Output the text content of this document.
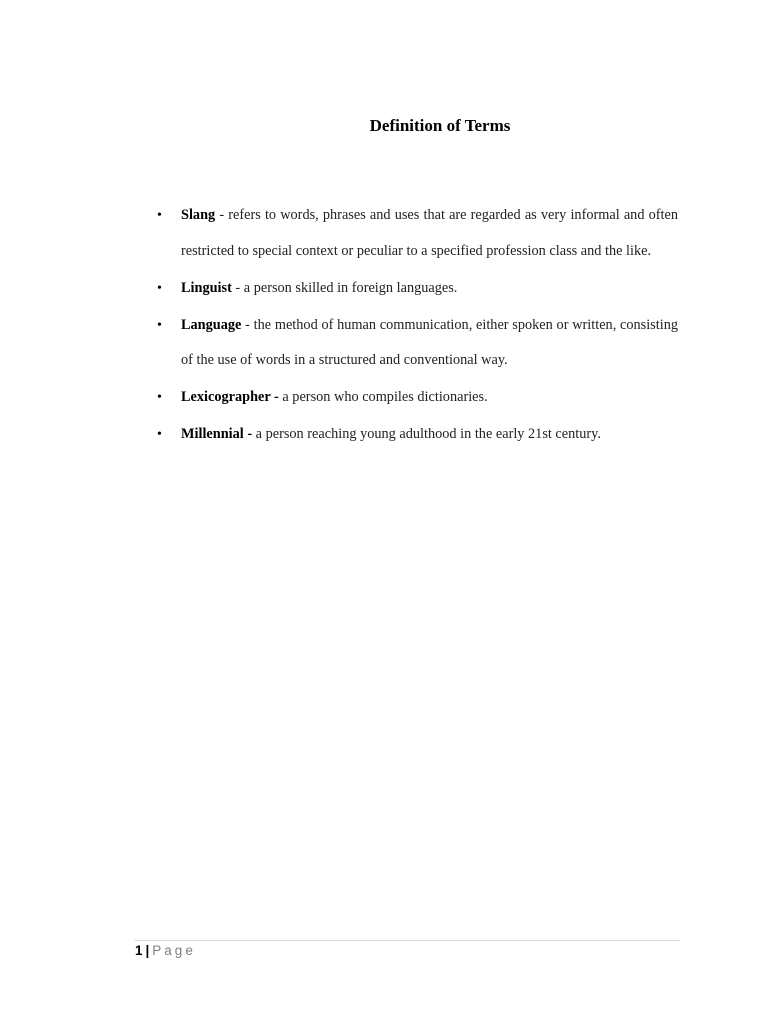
Definition of Terms
• Slang - refers to words, phrases and uses that are regarded as very informal and often restricted to special context or peculiar to a specified profession class and the like.
• Linguist - a person skilled in foreign languages.
• Language - the method of human communication, either spoken or written, consisting of the use of words in a structured and conventional way.
• Lexicographer - a person who compiles dictionaries.
• Millennial - a person reaching young adulthood in the early 21st century.
1 | Page
